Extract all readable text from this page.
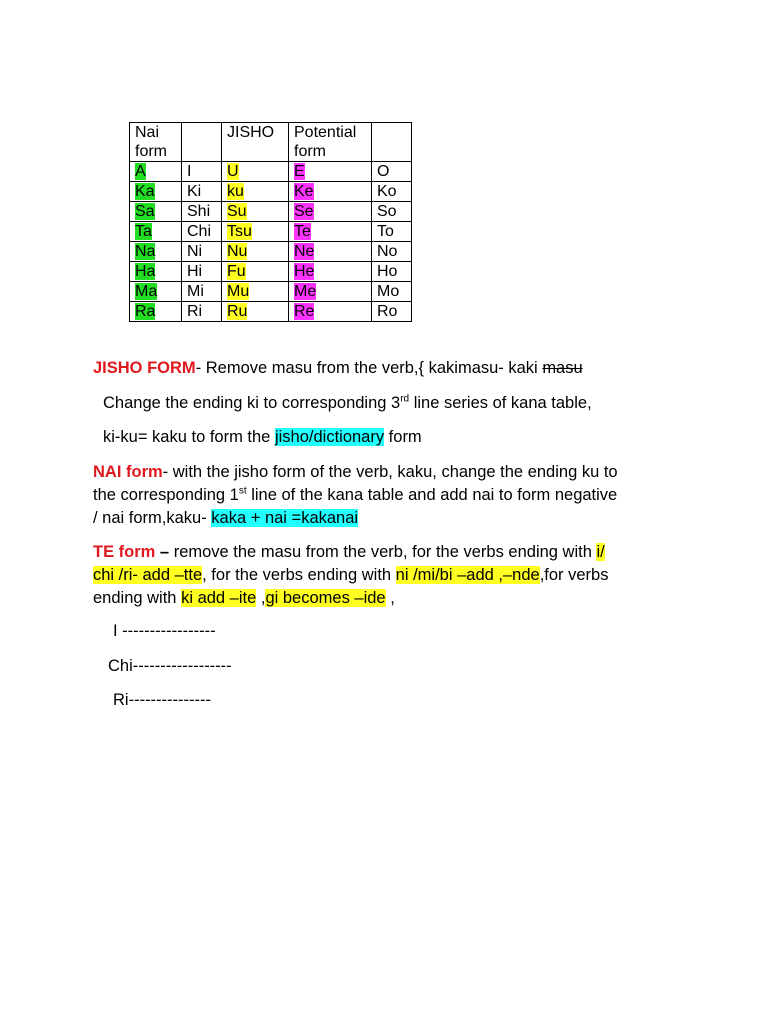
Nai form		JISHO	Potential form	
A	I	U	E	O
Ka	Ki	ku	Ke	Ko
Sa	Shi	Su	Se	So
Ta	Chi	Tsu	Te	To
Na	Ni	Nu	Ne	No
Ha	Hi	Fu	He	Ho
Ma	Mi	Mu	Me	Mo
Ra	Ri	Ru	Re	Ro
JISHO FORM- Remove masu from the verb,{ kakimasu- kaki masu
Change the ending ki to corresponding 3rd line series of kana table,
ki-ku= kaku to form the jisho/dictionary form
NAI form- with the jisho form of the verb, kaku, change the ending ku to
the corresponding 1st line of the kana table and add nai to form negative
/ nai form,kaku- kaka + nai =kakanai
TE form – remove the masu from the verb, for the verbs ending with i/
chi /ri- add –tte, for the verbs ending with ni /mi/bi –add ,–nde,for verbs
ending with ki add –ite ,gi becomes –ide ,
I -----------------
Chi------------------
Ri---------------
